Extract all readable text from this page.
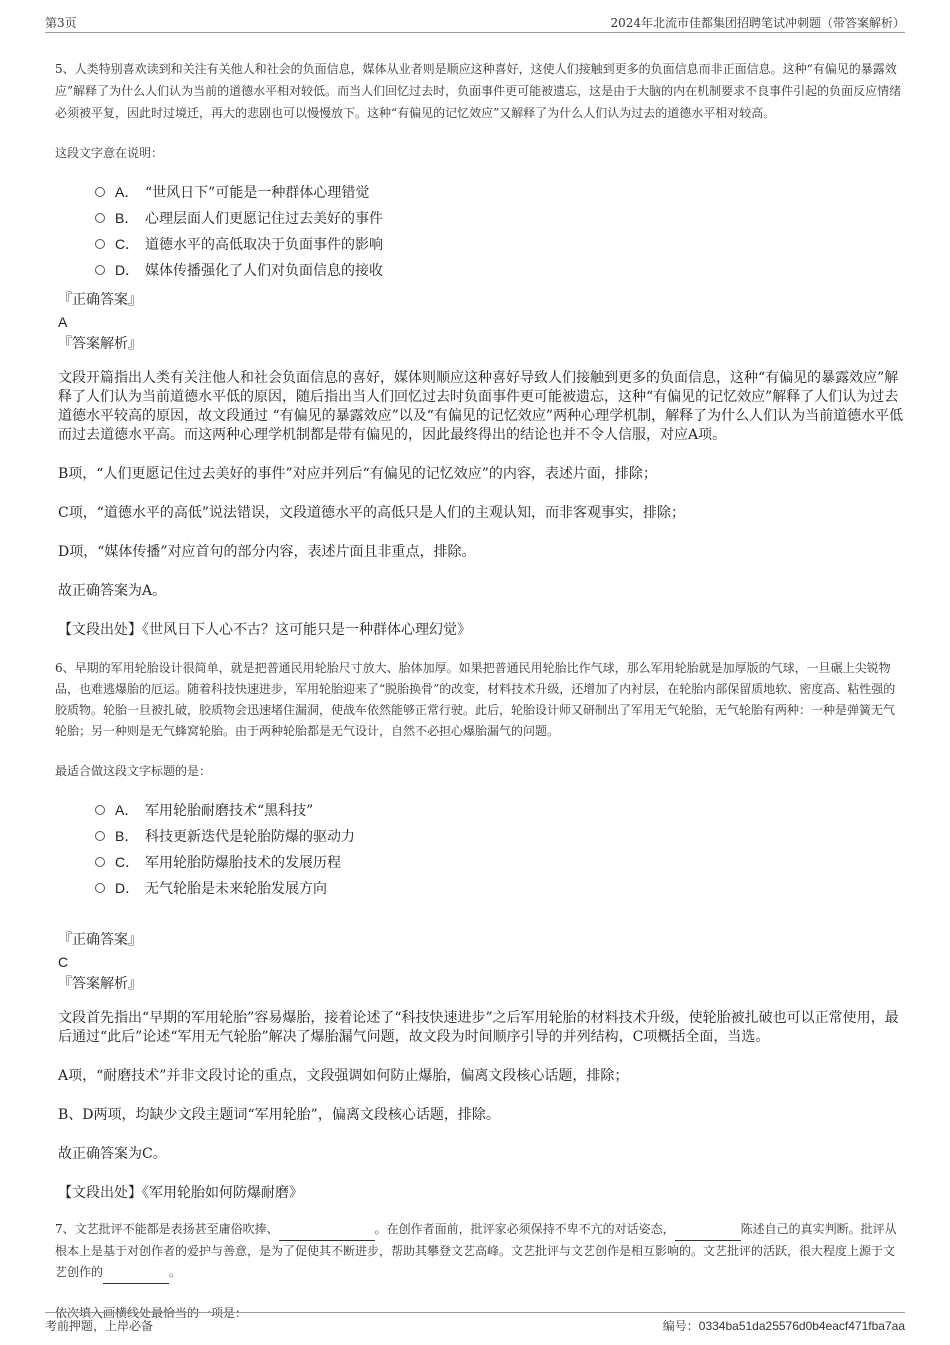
第3页	2024年北流市佳都集团招聘笔试冲刺题（带答案解析）

5、人类特别喜欢读到和关注有关他人和社会的负面信息，媒体从业者则是顺应这种喜好，这使人们接触到更多的负面信息而非正面信息。这种“有偏见的暴露效应”解释了为什么人们认为当前的道德水平相对较低。而当人们回忆过去时，负面事件更可能被遗忘，这是由于大脑的内在机制要求不良事件引起的负面反应情绪必须被平复，因此时过境迁，再大的悲剧也可以慢慢放下。这种“有偏见的记忆效应”又解释了为什么人们认为过去的道德水平相对较高。

这段文字意在说明：

A． “世风日下”可能是一种群体心理错觉
B． 心理层面人们更愿记住过去美好的事件
C． 道德水平的高低取决于负面事件的影响
D． 媒体传播强化了人们对负面信息的接收
『正确答案』
A
『答案解析』

文段开篇指出人类有关注他人和社会负面信息的喜好，媒体则顺应这种喜好导致人们接触到更多的负面信息，这种“有偏见的暴露效应”解释了人们认为当前道德水平低的原因，随后指出当人们回忆过去时负面事件更可能被遗忘，这种“有偏见的记忆效应”解释了人们认为过去道德水平较高的原因，故文段通过 “有偏见的暴露效应”以及“有偏见的记忆效应”两种心理学机制，解释了为什么人们认为当前道德水平低而过去道德水平高。而这两种心理学机制都是带有偏见的，因此最终得出的结论也并不令人信服，对应A项。

B项，“人们更愿记住过去美好的事件”对应并列后“有偏见的记忆效应”的内容，表述片面，排除；

C项，“道德水平的高低”说法错误，文段道德水平的高低只是人们的主观认知，而非客观事实，排除；

D项，“媒体传播”对应首句的部分内容，表述片面且非重点，排除。

故正确答案为A。

【文段出处】《世风日下人心不古？这可能只是一种群体心理幻觉》

6、早期的军用轮胎设计很简单，就是把普通民用轮胎尺寸放大、胎体加厚。如果把普通民用轮胎比作气球，那么军用轮胎就是加厚版的气球，一旦碾上尖锐物品，也难逃爆胎的厄运。随着科技快速进步，军用轮胎迎来了“脱胎换骨”的改变，材料技术升级，还增加了内衬层，在轮胎内部保留质地软、密度高、粘性强的胶质物。轮胎一旦被扎破，胶质物会迅速堵住漏洞，使战车依然能够正常行驶。此后，轮胎设计师又研制出了军用无气轮胎，无气轮胎有两种：一种是弹簧无气轮胎；另一种则是无气蜂窝轮胎。由于两种轮胎都是无气设计，自然不必担心爆胎漏气的问题。

最适合做这段文字标题的是：

A． 军用轮胎耐磨技术“黑科技”
B． 科技更新迭代是轮胎防爆的驱动力
C． 军用轮胎防爆胎技术的发展历程
D． 无气轮胎是未来轮胎发展方向
『正确答案』
C
『答案解析』

文段首先指出“早期的军用轮胎”容易爆胎，接着论述了“科技快速进步”之后军用轮胎的材料技术升级，使轮胎被扎破也可以正常使用，最后通过“此后”论述“军用无气轮胎”解决了爆胎漏气问题，故文段为时间顺序引导的并列结构，C项概括全面，当选。

A项，“耐磨技术”并非文段讨论的重点，文段强调如何防止爆胎，偏离文段核心话题，排除；

B、D两项，均缺少文段主题词“军用轮胎”，偏离文段核心话题，排除。

故正确答案为C。

【文段出处】《军用轮胎如何防爆耐磨》

7、文艺批评不能都是表扬甚至庸俗吹捧、	。在创作者面前，批评家必须保持不卑不亢的对话姿态，	陈述自己的真实判断。批评从根本上是基于对创作者的爱护与善意，是为了促使其不断进步，帮助其攀登文艺高峰。文艺批评与文艺创作是相互影响的。文艺批评的活跃，很大程度上源于文艺创作的	。

依次填入画横线处最恰当的一项是：

考前押题，上岸必备	编号：0334ba51da25576d0b4eacf471fba7aa
